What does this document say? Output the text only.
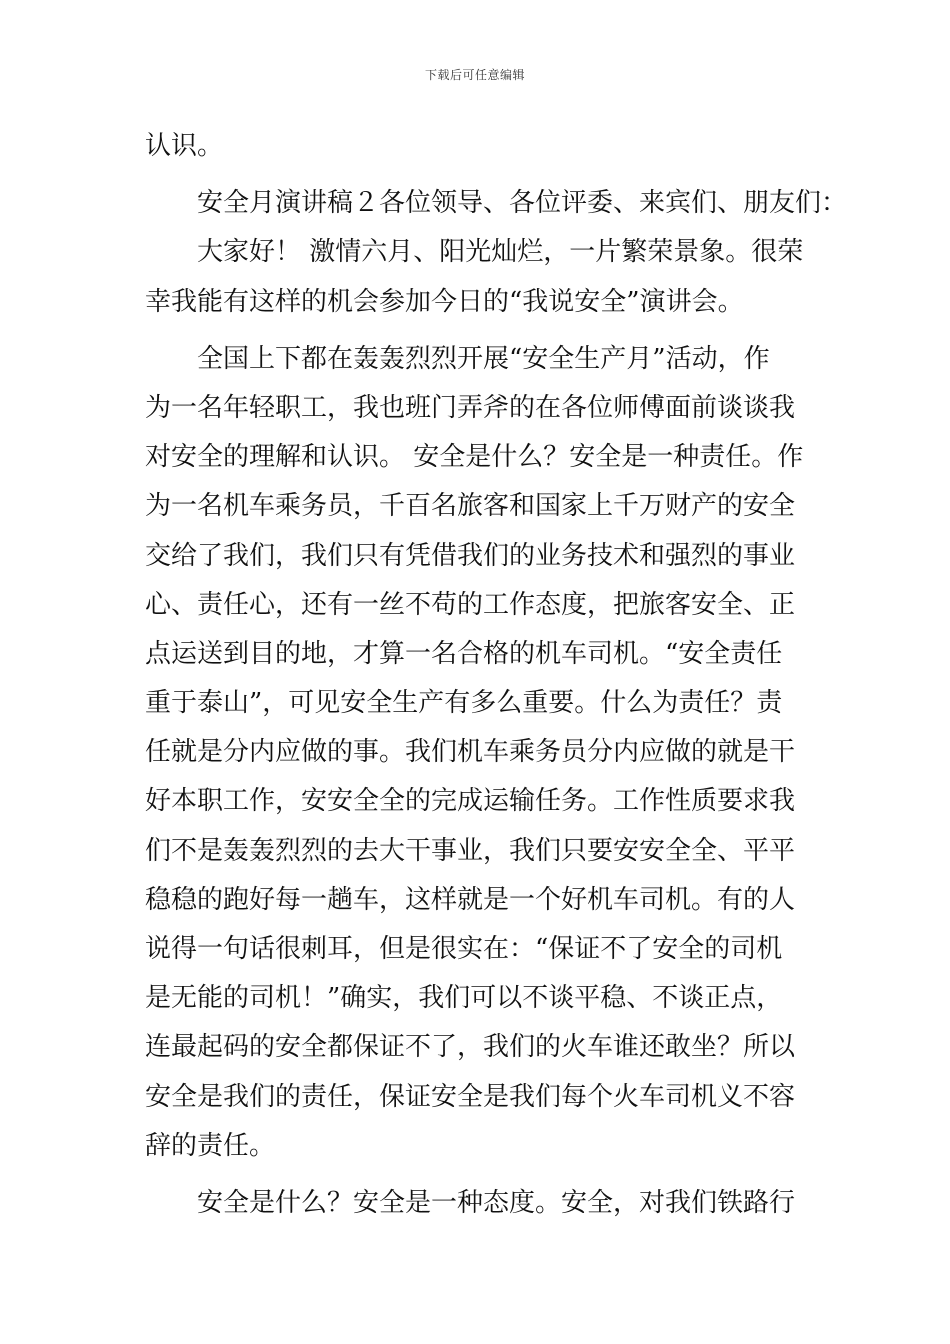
下载后可任意编辑
认识。
安全月演讲稿２各位领导、各位评委、来宾们、朋友们：
大家好！ 激情六月、阳光灿烂，一片繁荣景象。很荣
幸我能有这样的机会参加今日的“我说安全”演讲会。
全国上下都在轰轰烈烈开展“安全生产月”活动，作
为一名年轻职工，我也班门弄斧的在各位师傅面前谈谈我
对安全的理解和认识。 安全是什么？安全是一种责任。作
为一名机车乘务员，千百名旅客和国家上千万财产的安全
交给了我们，我们只有凭借我们的业务技术和强烈的事业
心、责任心，还有一丝不苟的工作态度，把旅客安全、正
点运送到目的地，才算一名合格的机车司机。“安全责任
重于泰山”，可见安全生产有多么重要。什么为责任？责
任就是分内应做的事。我们机车乘务员分内应做的就是干
好本职工作，安安全全的完成运输任务。工作性质要求我
们不是轰轰烈烈的去大干事业，我们只要安安全全、平平
稳稳的跑好每一趟车，这样就是一个好机车司机。有的人
说得一句话很刺耳，但是很实在：“保证不了安全的司机
是无能的司机！”确实，我们可以不谈平稳、不谈正点，
连最起码的安全都保证不了，我们的火车谁还敢坐？所以
安全是我们的责任，保证安全是我们每个火车司机义不容
辞的责任。
安全是什么？安全是一种态度。安全，对我们铁路行
